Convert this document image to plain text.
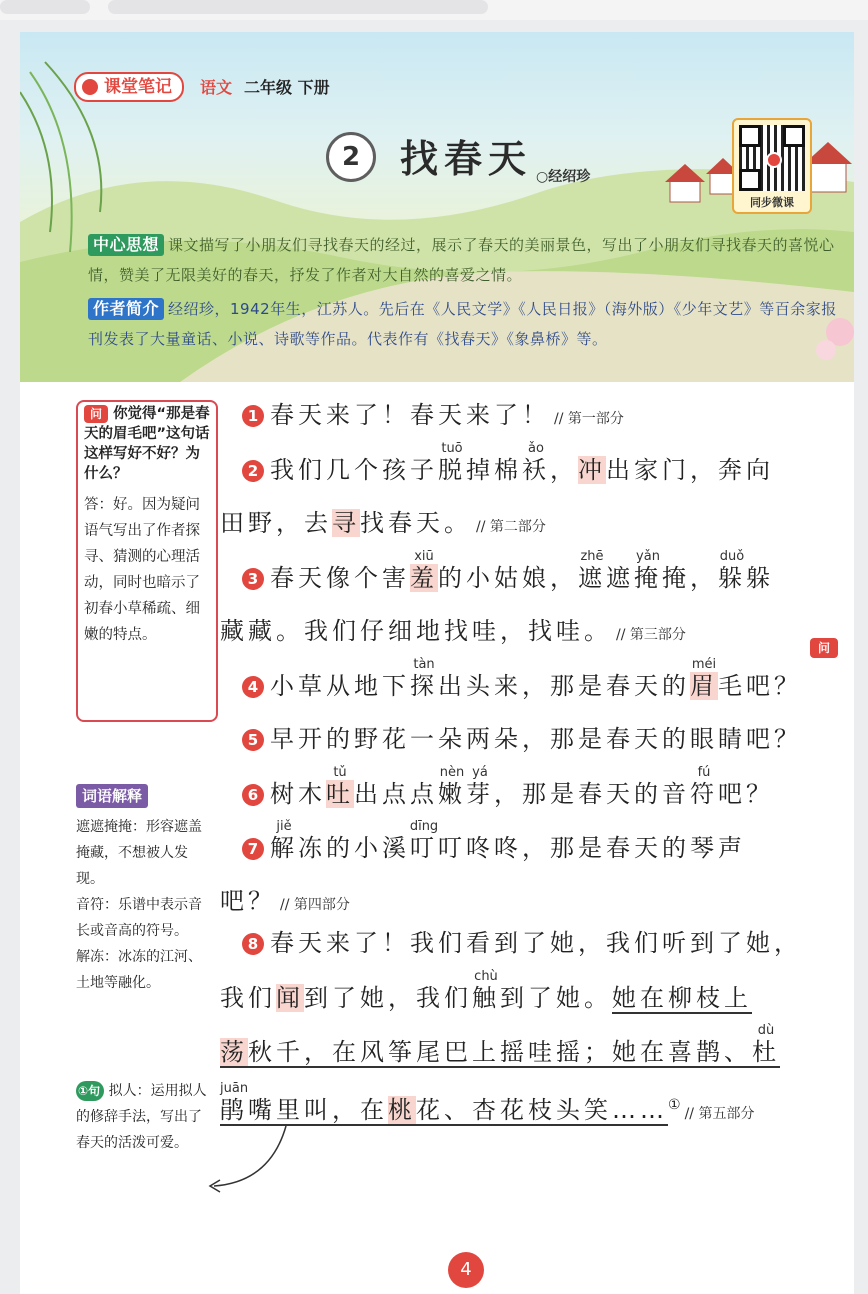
课堂笔记	语文 二年级 下册
2	找春天 ○经绍珍
同步微课
中心思想 课文描写了小朋友们寻找春天的经过，展示了春天的美丽景色，写出了小朋友们寻找春天的喜悦心情，赞美了无限美好的春天，抒发了作者对大自然的喜爱之情。
作者简介 经绍珍，1942年生，江苏人。先后在《人民文学》《人民日报》（海外版）《少年文艺》等百余家报刊发表了大量童话、小说、诗歌等作品。代表作有《找春天》《象鼻桥》等。
问 你觉得“那是春天的眉毛吧”这句话这样写好不好？为什么？
答：好。因为疑问语气写出了作者探寻、猜测的心理活动，同时也暗示了初春小草稀疏、细嫩的特点。
词语解释
遮遮掩掩：形容遮盖掩藏，不想被人发现。
音符：乐谱中表示音长或音高的符号。
解冻：冰冻的江河、土地等融化。
①句 拟人：运用拟人的修辞手法，写出了春天的活泼可爱。
1 春天来了！春天来了！ // 第一部分
2 我们几个孩子脱tuō掉棉袄ǎo，冲出家门，奔向
田野，去寻找春天。 // 第二部分
3 春天像个害羞xiū的小姑娘，遮zhē遮掩yǎn掩，躲duǒ躲
藏藏。我们仔细地找哇，找哇。 // 第三部分
4 小草从地下探tàn出头来，那是春天的眉méi毛吧？
问
5 早开的野花一朵两朵，那是春天的眼睛吧？
6 树木吐tǔ出点点嫩nèn芽yá，那是春天的音符fú吧？
7 解jiě冻的小溪叮dīng叮咚咚，那是春天的琴声
吧？ // 第四部分
8 春天来了！我们看到了她，我们听到了她，
我们闻到了她，我们触chù到了她。她在柳枝上
荡秋千，在风筝尾巴上摇哇摇；她在喜鹊、杜dù
鹃juān嘴里叫，在桃花、杏花枝头笑……①// 第五部分
4
